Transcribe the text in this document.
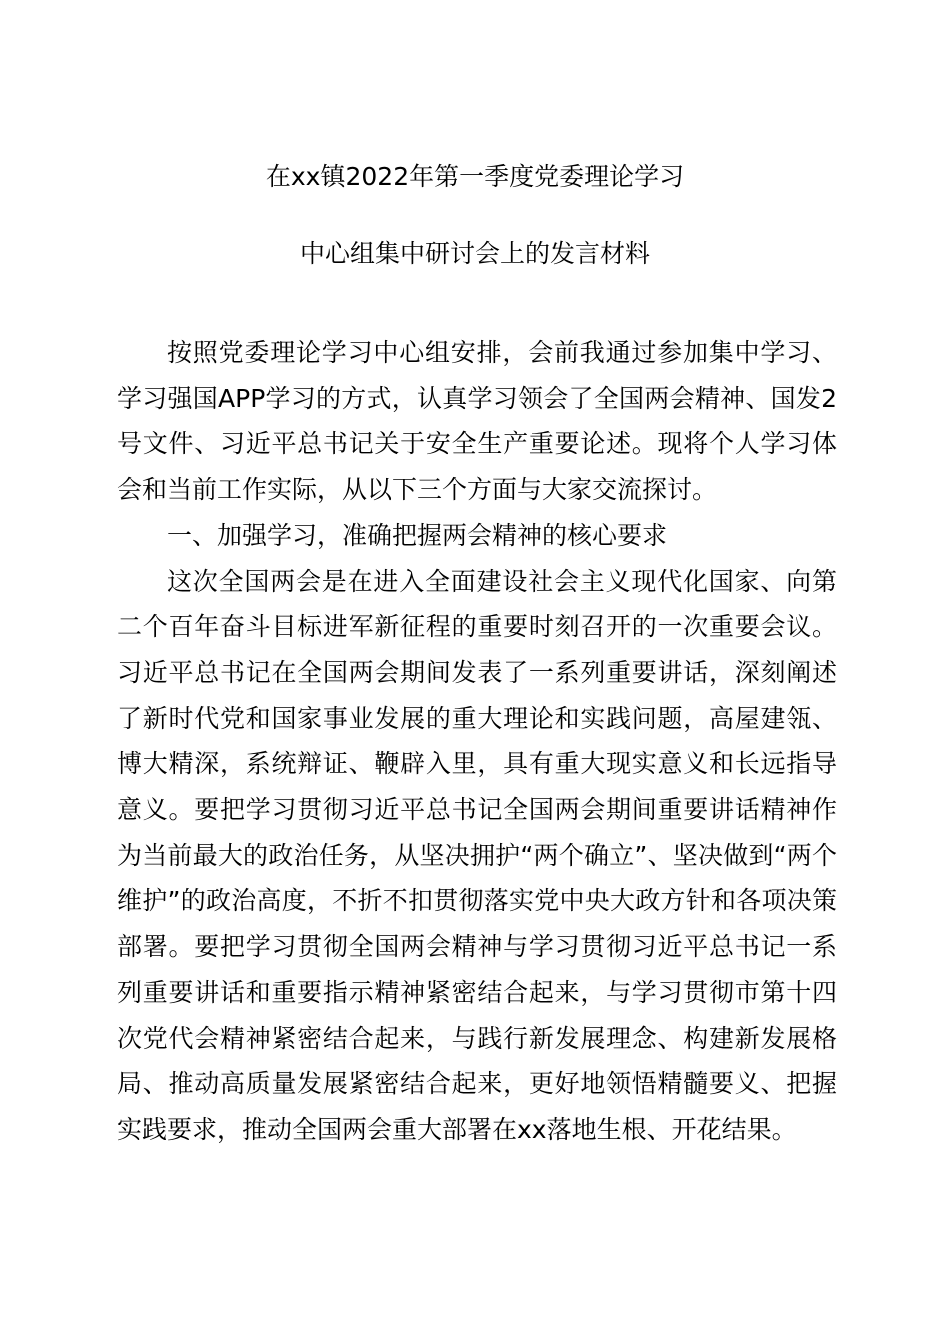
在xx镇2022年第一季度党委理论学习
中心组集中研讨会上的发言材料

按照党委理论学习中心组安排，会前我通过参加集中学习、学习强国APP学习的方式，认真学习领会了全国两会精神、国发2号文件、习近平总书记关于安全生产重要论述。现将个人学习体会和当前工作实际，从以下三个方面与大家交流探讨。

一、加强学习，准确把握两会精神的核心要求

这次全国两会是在进入全面建设社会主义现代化国家、向第二个百年奋斗目标进军新征程的重要时刻召开的一次重要会议。习近平总书记在全国两会期间发表了一系列重要讲话，深刻阐述了新时代党和国家事业发展的重大理论和实践问题，高屋建瓴、博大精深，系统辩证、鞭辟入里，具有重大现实意义和长远指导意义。要把学习贯彻习近平总书记全国两会期间重要讲话精神作为当前最大的政治任务，从坚决拥护“两个确立”、坚决做到“两个维护”的政治高度，不折不扣贯彻落实党中央大政方针和各项决策部署。要把学习贯彻全国两会精神与学习贯彻习近平总书记一系列重要讲话和重要指示精神紧密结合起来，与学习贯彻市第十四次党代会精神紧密结合起来，与践行新发展理念、构建新发展格局、推动高质量发展紧密结合起来，更好地领悟精髓要义、把握实践要求，推动全国两会重大部署在xx落地生根、开花结果。
